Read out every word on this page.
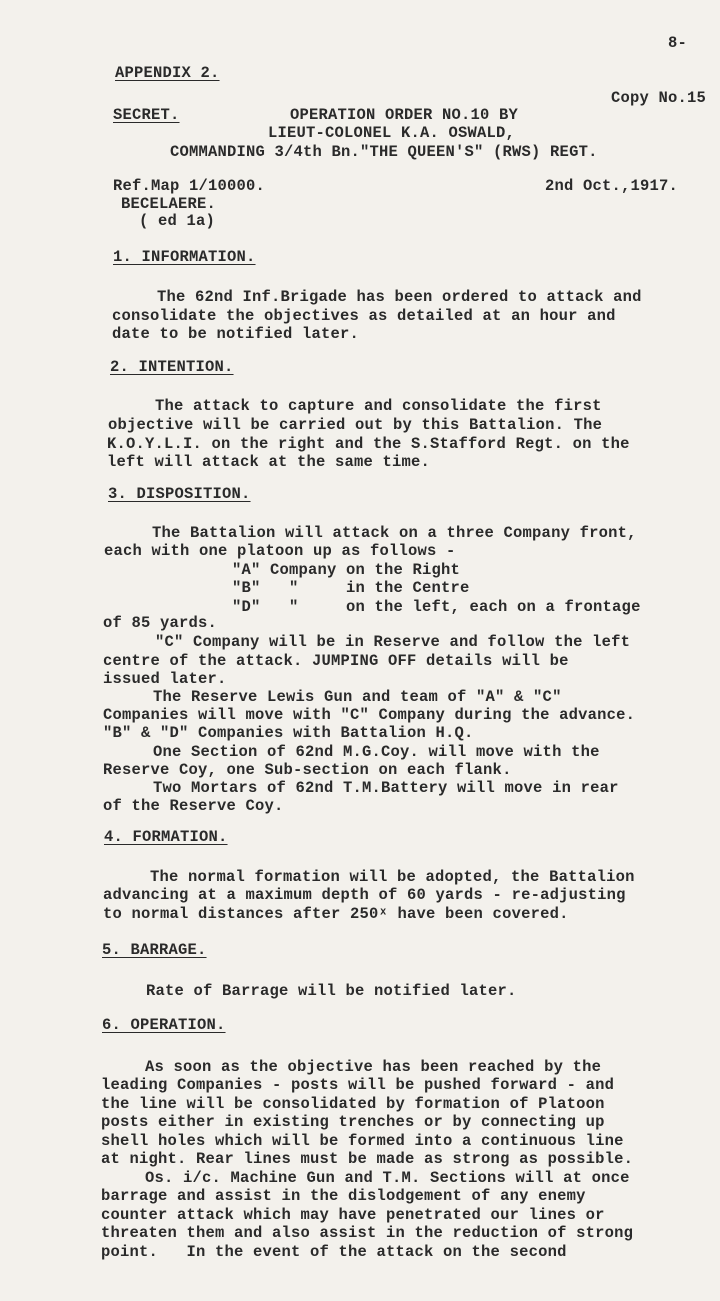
8-

APPENDIX 2.

Copy No.15

SECRET.	OPERATION ORDER NO.10 BY

LIEUT-COLONEL K.A. OSWALD,

COMMANDING 3/4th Bn."THE QUEEN'S" (RWS) REGT.

Ref.Map 1/10000.	2nd Oct.,1917.

BECELAERE.

( ed 1a)

1. INFORMATION.

The 62nd Inf.Brigade has been ordered to attack and

consolidate the objectives as detailed at an hour and

date to be notified later.

2. INTENTION.

The attack to capture and consolidate the first

objective will be carried out by this Battalion. The

K.O.Y.L.I. on the right and the S.Stafford Regt. on the

left will attack at the same time.

3. DISPOSITION.

The Battalion will attack on a three Company front,

each with one platoon up as follows -

"A" Company on the Right

"B"   "     in the Centre

"D"   "     on the left, each on a frontage

of 85 yards.

"C" Company will be in Reserve and follow the left

centre of the attack. JUMPING OFF details will be

issued later.

The Reserve Lewis Gun and team of "A" & "C"

Companies will move with "C" Company during the advance.

"B" & "D" Companies with Battalion H.Q.

One Section of 62nd M.G.Coy. will move with the

Reserve Coy, one Sub-section on each flank.

Two Mortars of 62nd T.M.Battery will move in rear

of the Reserve Coy.

4. FORMATION.

The normal formation will be adopted, the Battalion

advancing at a maximum depth of 60 yards - re-adjusting

to normal distances after 250ˣ have been covered.

5. BARRAGE.

Rate of Barrage will be notified later.

6. OPERATION.

As soon as the objective has been reached by the

leading Companies - posts will be pushed forward - and

the line will be consolidated by formation of Platoon

posts either in existing trenches or by connecting up

shell holes which will be formed into a continuous line

at night. Rear lines must be made as strong as possible.

Os. i/c. Machine Gun and T.M. Sections will at once

barrage and assist in the dislodgement of any enemy

counter attack which may have penetrated our lines or

threaten them and also assist in the reduction of strong

point.   In the event of the attack on the second
